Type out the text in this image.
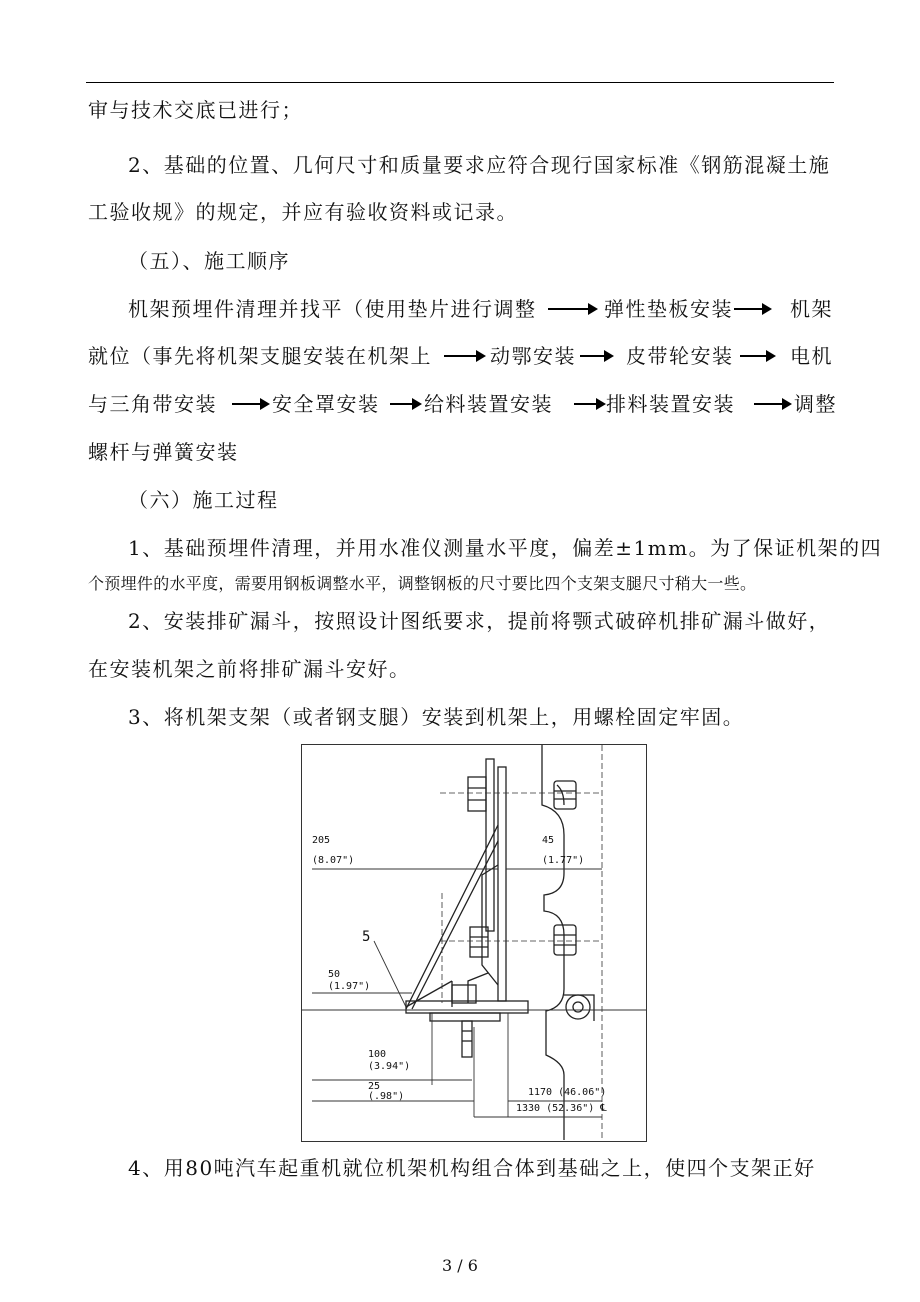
审与技术交底已进行；
2、基础的位置、几何尺寸和质量要求应符合现行国家标准《钢筋混凝土施
工验收规》的规定，并应有验收资料或记录。
（五）、施工顺序
机架预埋件清理并找平（使用垫片进行调整	弹性垫板安装	机架
就位（事先将机架支腿安装在机架上	动鄂安装	皮带轮安装	电机
与三角带安装	安全罩安装 给料装置安装	排料装置安装	调整
螺杆与弹簧安装
（六）施工过程
1、基础预埋件清理，并用水准仪测量水平度，偏差±1mm。为了保证机架的四
个预埋件的水平度，需要用钢板调整水平，调整钢板的尺寸要比四个支架支腿尺寸稍大一些。
2、安装排矿漏斗，按照设计图纸要求，提前将颚式破碎机排矿漏斗做好，
在安装机架之前将排矿漏斗安好。
3、将机架支架（或者钢支腿）安装到机架上，用螺栓固定牢固。
205
(8.07")
45
(1.77")
5
50
(1.97")
100
(3.94")
25
(.98")	1170 (46.06")
1330 (52.36") ℄
4、用80吨汽车起重机就位机架机构组合体到基础之上，使四个支架正好
3 / 6
